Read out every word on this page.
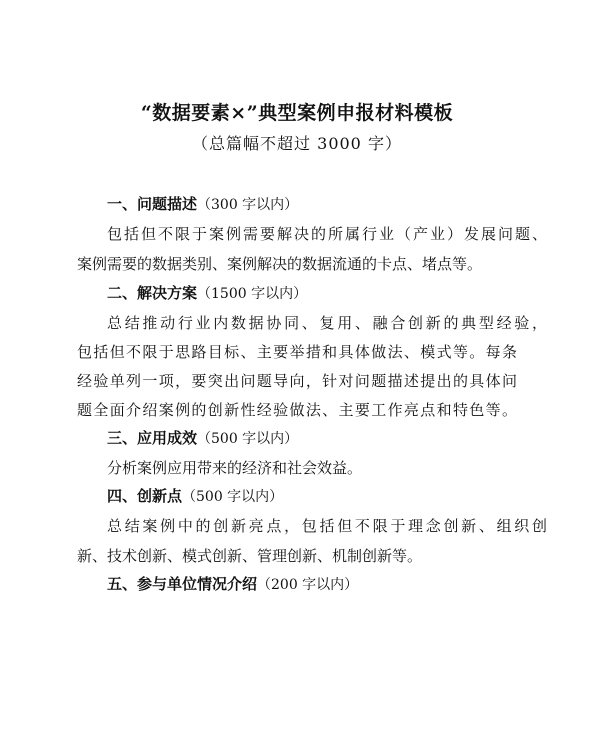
“数据要素×”典型案例申报材料模板
（总篇幅不超过 3000 字）
一、问题描述（300 字以内）
包括但不限于案例需要解决的所属行业（产业）发展问题、
案例需要的数据类别、案例解决的数据流通的卡点、堵点等。
二、解决方案（1500 字以内）
总结推动行业内数据协同、复用、融合创新的典型经验，
包括但不限于思路目标、主要举措和具体做法、模式等。每条
经验单列一项，要突出问题导向，针对问题描述提出的具体问
题全面介绍案例的创新性经验做法、主要工作亮点和特色等。
三、应用成效（500 字以内）
分析案例应用带来的经济和社会效益。
四、创新点（500 字以内）
总结案例中的创新亮点，包括但不限于理念创新、组织创
新、技术创新、模式创新、管理创新、机制创新等。
五、参与单位情况介绍（200 字以内）
